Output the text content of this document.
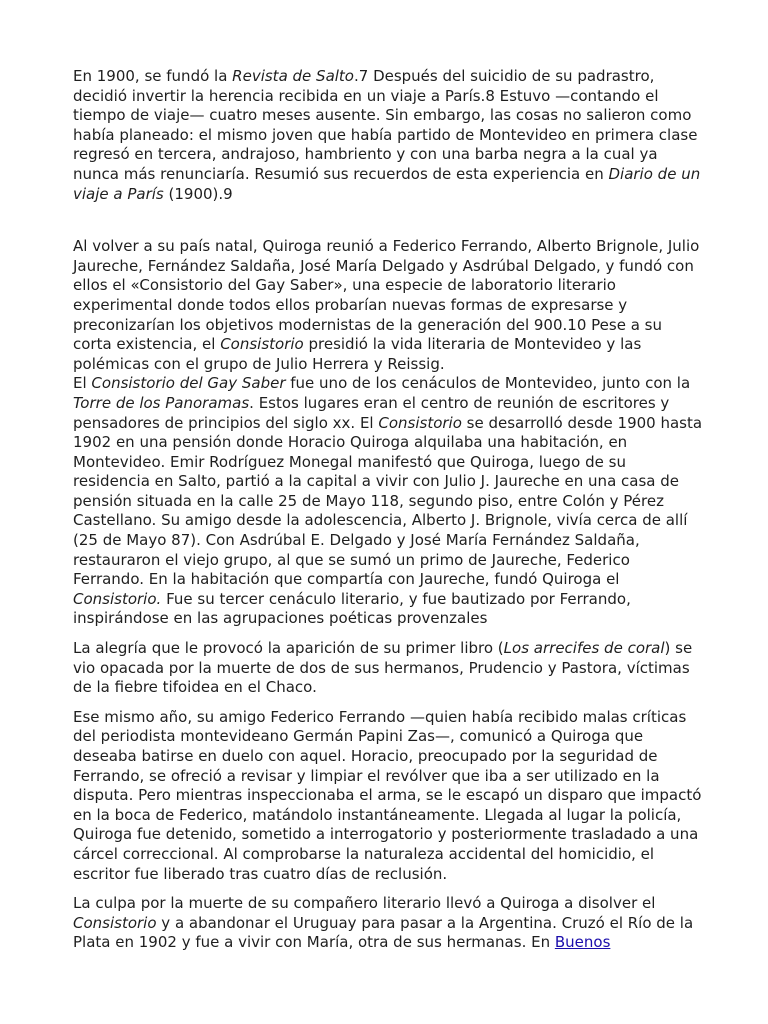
En 1900, se fundó la Revista de Salto.7 Después del suicidio de su padrastro, decidió invertir la herencia recibida en un viaje a París.8 Estuvo —contando el tiempo de viaje— cuatro meses ausente. Sin embargo, las cosas no salieron como había planeado: el mismo joven que había partido de Montevideo en primera clase regresó en tercera, andrajoso, hambriento y con una barba negra a la cual ya nunca más renunciaría. Resumió sus recuerdos de esta experiencia en Diario de un viaje a París (1900).9

Al volver a su país natal, Quiroga reunió a Federico Ferrando, Alberto Brignole, Julio Jaureche, Fernández Saldaña, José María Delgado y Asdrúbal Delgado, y fundó con ellos el «Consistorio del Gay Saber», una especie de laboratorio literario experimental donde todos ellos probarían nuevas formas de expresarse y preconizarían los objetivos modernistas de la generación del 900.10 Pese a su corta existencia, el Consistorio presidió la vida literaria de Montevideo y las polémicas con el grupo de Julio Herrera y Reissig.

El Consistorio del Gay Saber fue uno de los cenáculos de Montevideo, junto con la Torre de los Panoramas. Estos lugares eran el centro de reunión de escritores y pensadores de principios del siglo xx. El Consistorio se desarrolló desde 1900 hasta 1902 en una pensión donde Horacio Quiroga alquilaba una habitación, en Montevideo. Emir Rodríguez Monegal manifestó que Quiroga, luego de su residencia en Salto, partió a la capital a vivir con Julio J. Jaureche en una casa de pensión situada en la calle 25 de Mayo 118, segundo piso, entre Colón y Pérez Castellano. Su amigo desde la adolescencia, Alberto J. Brignole, vivía cerca de allí (25 de Mayo 87). Con Asdrúbal E. Delgado y José María Fernández Saldaña, restauraron el viejo grupo, al que se sumó un primo de Jaureche, Federico Ferrando. En la habitación que compartía con Jaureche, fundó Quiroga el Consistorio. Fue su tercer cenáculo literario, y fue bautizado por Ferrando, inspirándose en las agrupaciones poéticas provenzales

La alegría que le provocó la aparición de su primer libro (Los arrecifes de coral) se vio opacada por la muerte de dos de sus hermanos, Prudencio y Pastora, víctimas de la fiebre tifoidea en el Chaco.

Ese mismo año, su amigo Federico Ferrando —quien había recibido malas críticas del periodista montevideano Germán Papini Zas—, comunicó a Quiroga que deseaba batirse en duelo con aquel. Horacio, preocupado por la seguridad de Ferrando, se ofreció a revisar y limpiar el revólver que iba a ser utilizado en la disputa. Pero mientras inspeccionaba el arma, se le escapó un disparo que impactó en la boca de Federico, matándolo instantáneamente. Llegada al lugar la policía, Quiroga fue detenido, sometido a interrogatorio y posteriormente trasladado a una cárcel correccional. Al comprobarse la naturaleza accidental del homicidio, el escritor fue liberado tras cuatro días de reclusión.

La culpa por la muerte de su compañero literario llevó a Quiroga a disolver el Consistorio y a abandonar el Uruguay para pasar a la Argentina. Cruzó el Río de la Plata en 1902 y fue a vivir con María, otra de sus hermanas. En Buenos
